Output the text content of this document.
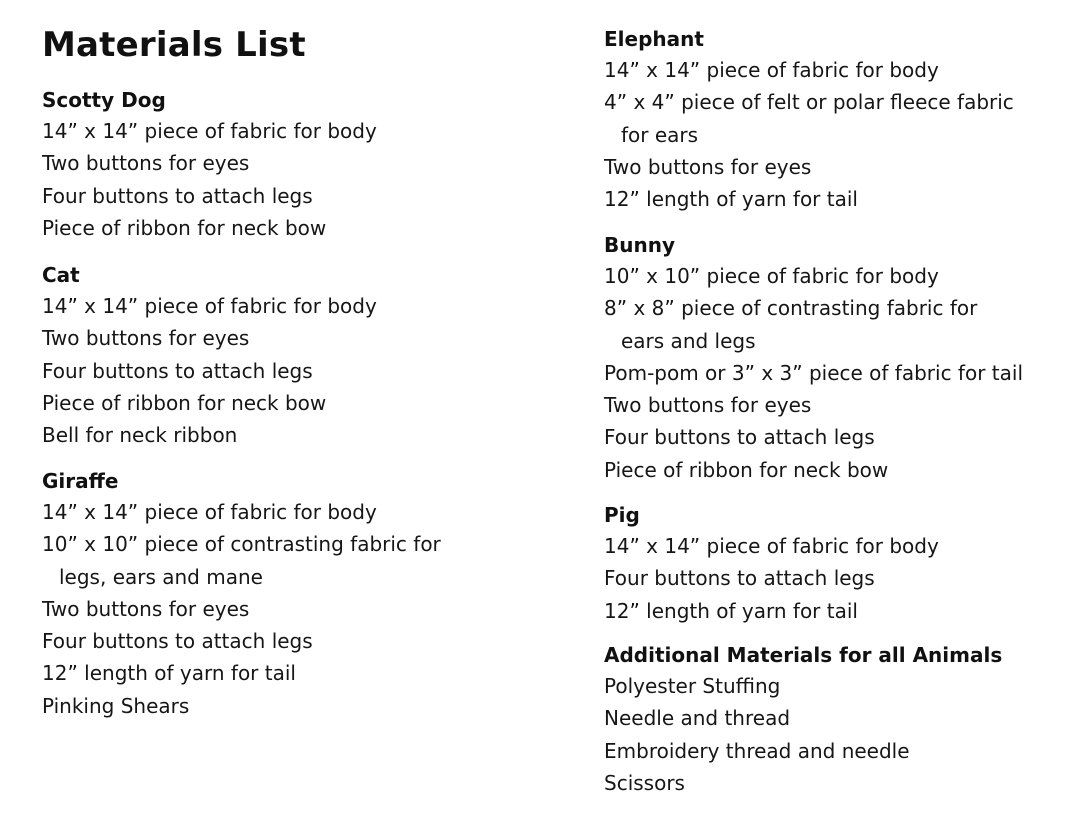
Materials List
Scotty Dog
14” x 14” piece of fabric for body
Two buttons for eyes
Four buttons to attach legs
Piece of ribbon for neck bow
Cat
14” x 14” piece of fabric for body
Two buttons for eyes
Four buttons to attach legs
Piece of ribbon for neck bow
Bell for neck ribbon
Giraffe
14” x 14” piece of fabric for body
10” x 10” piece of contrasting fabric for
legs, ears and mane
Two buttons for eyes
Four buttons to attach legs
12” length of yarn for tail
Pinking Shears
Elephant
14” x 14” piece of fabric for body
4” x 4” piece of felt or polar fleece fabric
for ears
Two buttons for eyes
12” length of yarn for tail
Bunny
10” x 10” piece of fabric for body
8” x 8” piece of contrasting fabric for
ears and legs
Pom-pom or 3” x 3” piece of fabric for tail
Two buttons for eyes
Four buttons to attach legs
Piece of ribbon for neck bow
Pig
14” x 14” piece of fabric for body
Four buttons to attach legs
12” length of yarn for tail
Additional Materials for all Animals
Polyester Stuffing
Needle and thread
Embroidery thread and needle
Scissors
